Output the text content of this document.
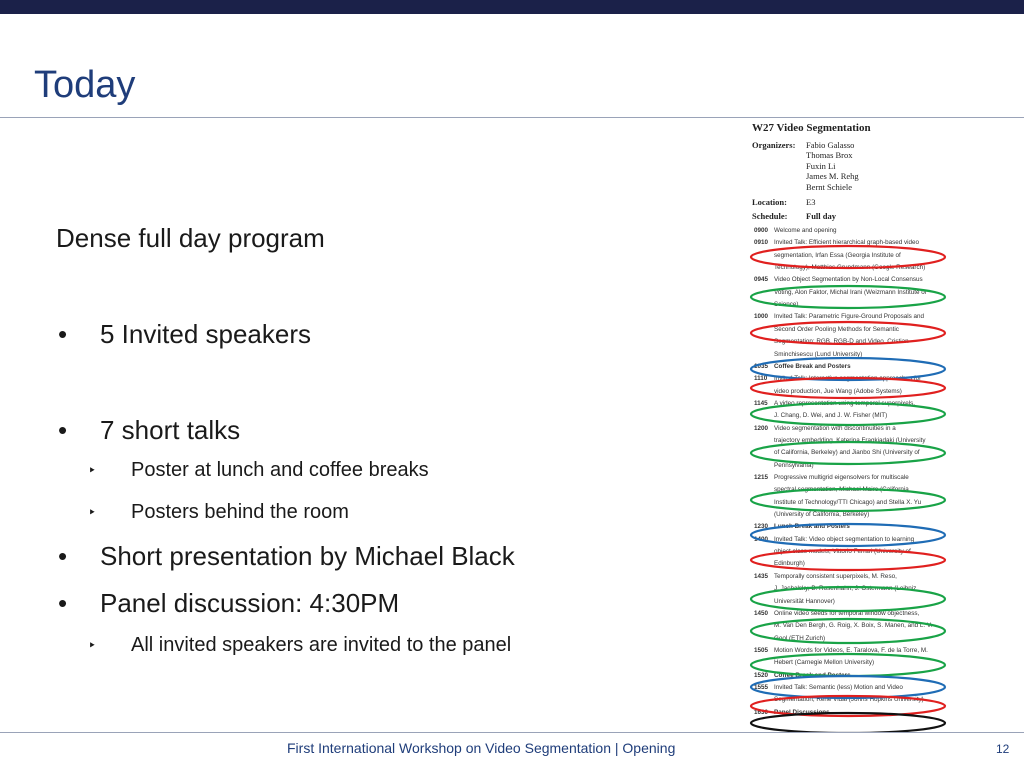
Today

Dense full day program

• 5 Invited speakers
• 7 short talks
‣ Poster at lunch and coffee breaks
‣ Posters behind the room
• Short presentation by Michael Black
• Panel discussion: 4:30PM
‣ All invited speakers are invited to the panel
W27 Video Segmentation
Organizers:	Fabio Galasso
Thomas Brox
Fuxin Li
James M. Rehg
Bernt Schiele
Location:	E3
Schedule:	Full day
0900 Welcome and opening
0910 Invited Talk: Efficient hierarchical graph-based video
segmentation, Irfan Essa (Georgia Institute of
Technology), Matthias Grundmann (Google Research)
0945 Video Object Segmentation by Non-Local Consensus
Voting, Alon Faktor, Michal Irani (Weizmann Institute of
Science)
1000 Invited Talk: Parametric Figure-Ground Proposals and
Second Order Pooling Methods for Semantic
Segmentation: RGB, RGB-D and Video, Cristian
Sminchisescu (Lund University)
1035 Coffee Break and Posters
1110 Invited Talk: Interactive segmentation approaches for
video production, Jue Wang (Adobe Systems)
1145 A video representation using temporal superpixels,
J. Chang, D. Wei, and J. W. Fisher (MIT)
1200 Video segmentation with discontinuities in a
trajectory embedding, Katerina Fragkiadaki (University
of California, Berkeley) and Jianbo Shi (University of
Pennsylvania)
1215 Progressive multigrid eigensolvers for multiscale
spectral segmentation, Michael Maire (California
Institute of Technology/TTI Chicago) and Stella X. Yu
(University of California, Berkeley)
1230 Lunch Break and Posters
1400 Invited Talk: Video object segmentation to learning
object class models, Vittorio Ferrari (University of
Edinburgh)
1435 Temporally consistent superpixels, M. Reso,
J. Jachalsky, B. Rosenhahn, J. Ostermann (Leibniz
Universität Hannover)
1450 Online video seeds for temporal window objectness,
M. Van Den Bergh, G. Roig, X. Boix, S. Manen, and L. V.
Gool (ETH Zurich)
1505 Motion Words for Videos, E. Taralova, F. de la Torre, M.
Hebert (Carnegie Mellon University)
1520 Coffee Break and Posters
1555 Invited Talk: Semantic (less) Motion and Video
Segmentation, René Vidal (Johns Hopkins University)
1630 Panel Discussions
First International Workshop on Video Segmentation | Opening	12
